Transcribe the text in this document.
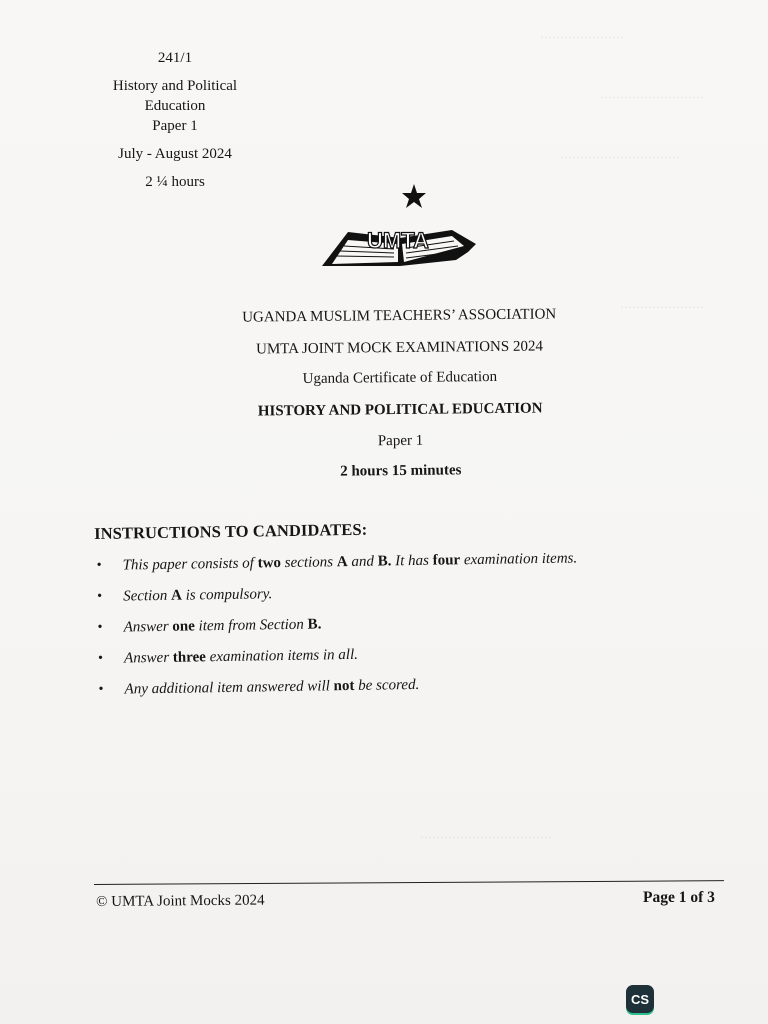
·····················
··························
······························
·····················
·································
241/1
History and Political
Education
Paper 1
July - August 2024
2 ¼ hours
UMTA
UGANDA MUSLIM TEACHERS’ ASSOCIATION
UMTA JOINT MOCK EXAMINATIONS 2024
Uganda Certificate of Education
HISTORY AND POLITICAL EDUCATION
Paper 1
2 hours 15 minutes
INSTRUCTIONS TO CANDIDATES:
• This paper consists of two sections A and B. It has four examination items.
• Section A is compulsory.
• Answer one item from Section B.
• Answer three examination items in all.
• Any additional item answered will not be scored.
© UMTA Joint Mocks 2024	Page 1 of 3
CS
